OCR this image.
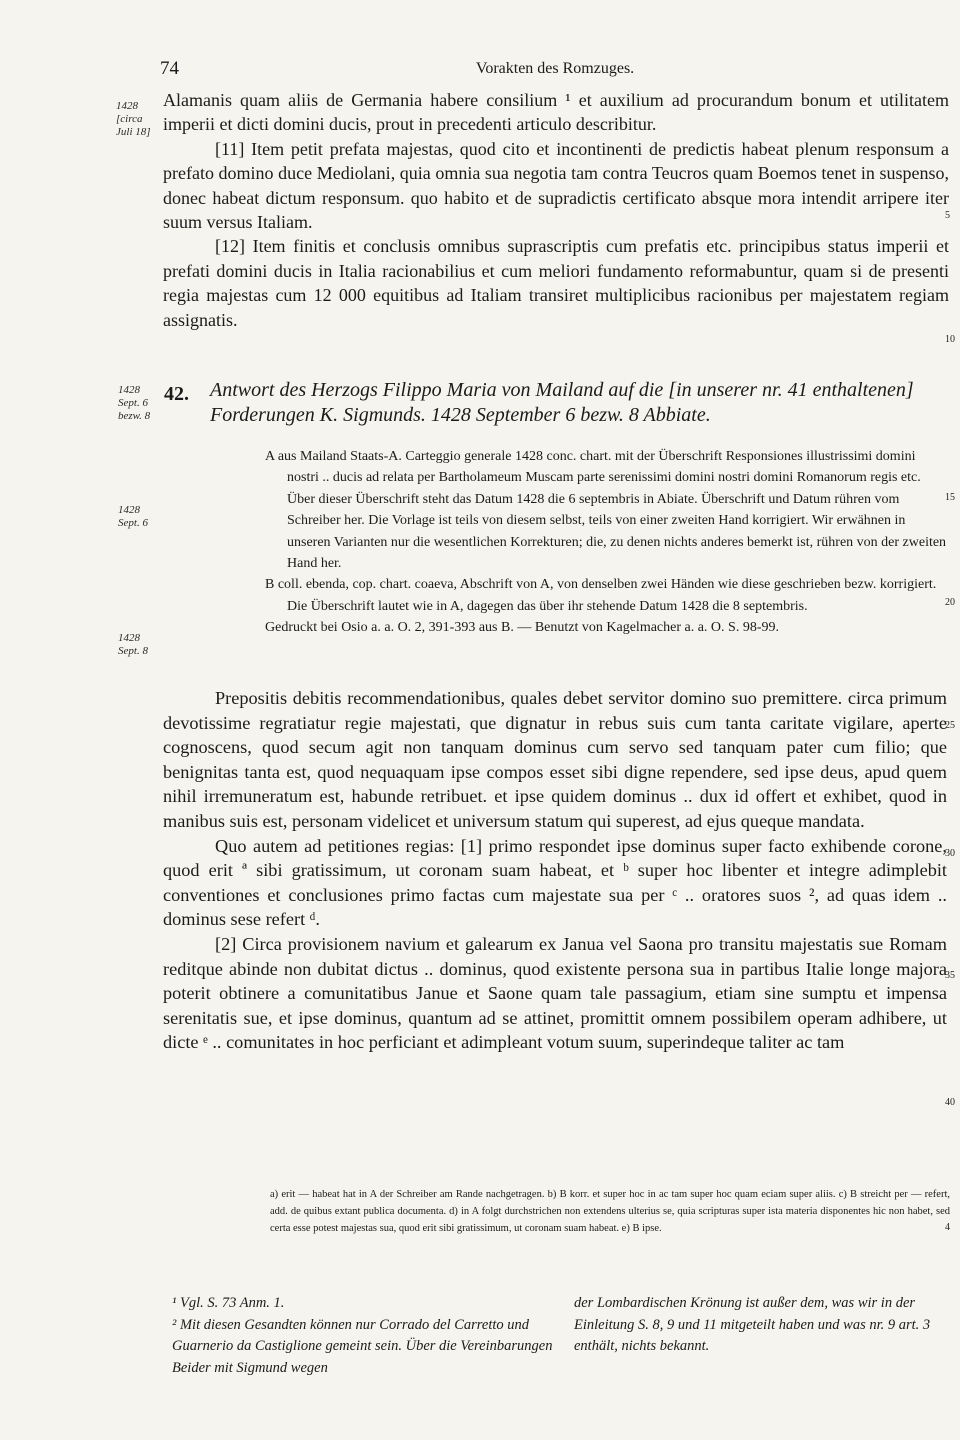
74	Vorakten des Romzuges.
1428
[circa
Juli 18]
1428
Sept. 6
bezw. 8
1428
Sept. 6
1428
Sept. 8
5
10
15
20
25
30
35
40
4

Alamanis quam aliis de Germania habere consilium ¹ et auxilium ad procurandum bonum et utilitatem imperii et dicti domini ducis, prout in precedenti articulo describitur.

[11] Item petit prefata majestas, quod cito et incontinenti de predictis habeat plenum responsum a prefato domino duce Mediolani, quia omnia sua negotia tam contra Teucros quam Boemos tenet in suspenso, donec habeat dictum responsum. quo habito et de supradictis certificato absque mora intendit arripere iter suum versus Italiam.

[12] Item finitis et conclusis omnibus suprascriptis cum prefatis etc. principibus status imperii et prefati domini ducis in Italia racionabilius et cum meliori fundamento reformabuntur, quam si de presenti regia majestas cum 12 000 equitibus ad Italiam transiret multiplicibus racionibus per majestatem regiam assignatis.

42. Antwort des Herzogs Filippo Maria von Mailand auf die [in unserer nr. 41 enthaltenen] Forderungen K. Sigmunds. 1428 September 6 bezw. 8 Abbiate.

A aus Mailand Staats-A. Carteggio generale 1428 conc. chart. mit der Überschrift Responsiones illustrissimi domini nostri .. ducis ad relata per Bartholameum Muscam parte serenissimi domini nostri domini Romanorum regis etc. Über dieser Überschrift steht das Datum 1428 die 6 septembris in Abiate. Überschrift und Datum rühren vom Schreiber her. Die Vorlage ist teils von diesem selbst, teils von einer zweiten Hand korrigiert. Wir erwähnen in unseren Varianten nur die wesentlichen Korrekturen; die, zu denen nichts anderes bemerkt ist, rühren von der zweiten Hand her.

B coll. ebenda, cop. chart. coaeva, Abschrift von A, von denselben zwei Händen wie diese geschrieben bezw. korrigiert. Die Überschrift lautet wie in A, dagegen das über ihr stehende Datum 1428 die 8 septembris.

Gedruckt bei Osio a. a. O. 2, 391-393 aus B. — Benutzt von Kagelmacher a. a. O. S. 98-99.

Prepositis debitis recommendationibus, quales debet servitor domino suo premittere. circa primum devotissime regratiatur regie majestati, que dignatur in rebus suis cum tanta caritate vigilare, aperte cognoscens, quod secum agit non tanquam dominus cum servo sed tanquam pater cum filio; que benignitas tanta est, quod nequaquam ipse compos esset sibi digne rependere, sed ipse deus, apud quem nihil irremuneratum est, habunde retribuet. et ipse quidem dominus .. dux id offert et exhibet, quod in manibus suis est, personam videlicet et universum statum qui superest, ad ejus queque mandata.

Quo autem ad petitiones regias: [1] primo respondet ipse dominus super facto exhibende corone, quod erit ª sibi gratissimum, ut coronam suam habeat, et ᵇ super hoc libenter et integre adimplebit conventiones et conclusiones primo factas cum majestate sua per ᶜ .. oratores suos ², ad quas idem .. dominus sese refert ᵈ.

[2] Circa provisionem navium et galearum ex Janua vel Saona pro transitu majestatis sue Romam reditque abinde non dubitat dictus .. dominus, quod existente persona sua in partibus Italie longe majora poterit obtinere a comunitatibus Janue et Saone quam tale passagium, etiam sine sumptu et impensa serenitatis sue, et ipse dominus, quantum ad se attinet, promittit omnem possibilem operam adhibere, ut dicte ᵉ .. comunitates in hoc perficiant et adimpleant votum suum, superindeque taliter ac tam

a) erit — habeat hat in A der Schreiber am Rande nachgetragen. b) B korr. et super hoc in ac tam super hoc quam eciam super aliis. c) B streicht per — refert, add. de quibus extant publica documenta. d) in A folgt durchstrichen non extendens ulterius se, quia scripturas super ista materia disponentes hic non habet, sed certa esse potest majestas sua, quod erit sibi gratissimum, ut coronam suam habeat. e) B ipse.

¹ Vgl. S. 73 Anm. 1.

² Mit diesen Gesandten können nur Corrado del Carretto und Guarnerio da Castiglione gemeint sein. Über die Vereinbarungen Beider mit Sigmund wegen

der Lombardischen Krönung ist außer dem, was wir in der Einleitung S. 8, 9 und 11 mitgeteilt haben und was nr. 9 art. 3 enthält, nichts bekannt.
